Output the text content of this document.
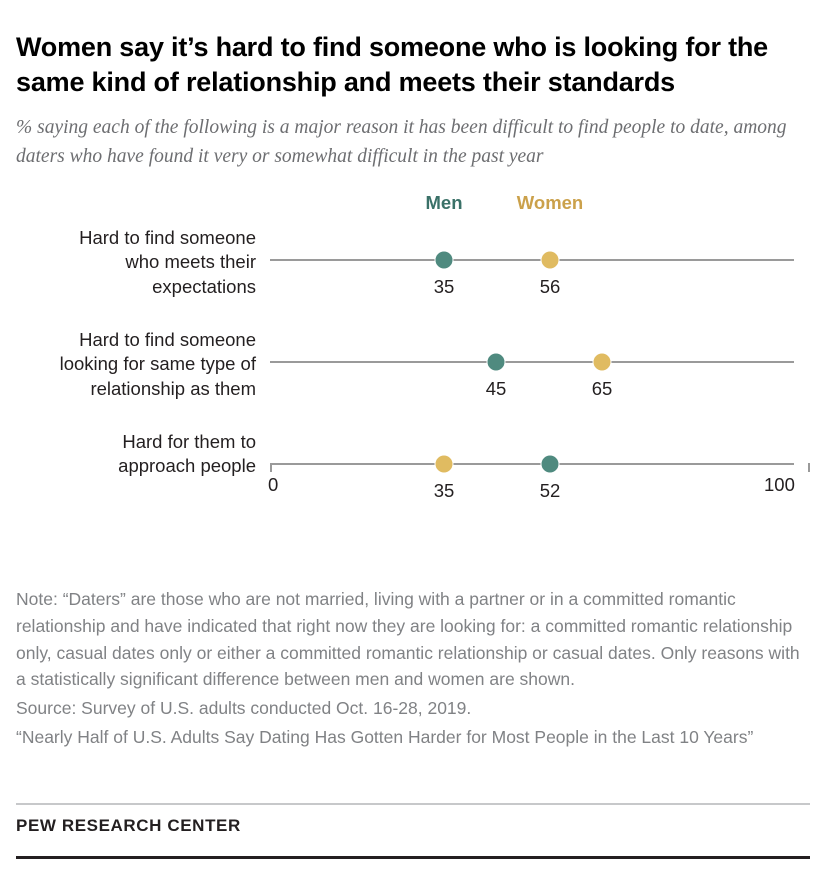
Women say it’s hard to find someone who is looking for the same kind of relationship and meets their standards

% saying each of the following is a major reason it has been difficult to find people to date, among daters who have found it very or somewhat difficult in the past year

Men	Women
Hard to find someone
who meets their
expectations	35	56
Hard to find someone
looking for same type of
relationship as them	45	65
Hard for them to
approach people
35	52
0	100

Note: “Daters” are those who are not married, living with a partner or in a committed romantic relationship and have indicated that right now they are looking for: a committed romantic relationship only, casual dates only or either a committed romantic relationship or casual dates. Only reasons with a statistically significant difference between men and women are shown.

Source: Survey of U.S. adults conducted Oct. 16-28, 2019.

“Nearly Half of U.S. Adults Say Dating Has Gotten Harder for Most People in the Last 10 Years”

PEW RESEARCH CENTER
